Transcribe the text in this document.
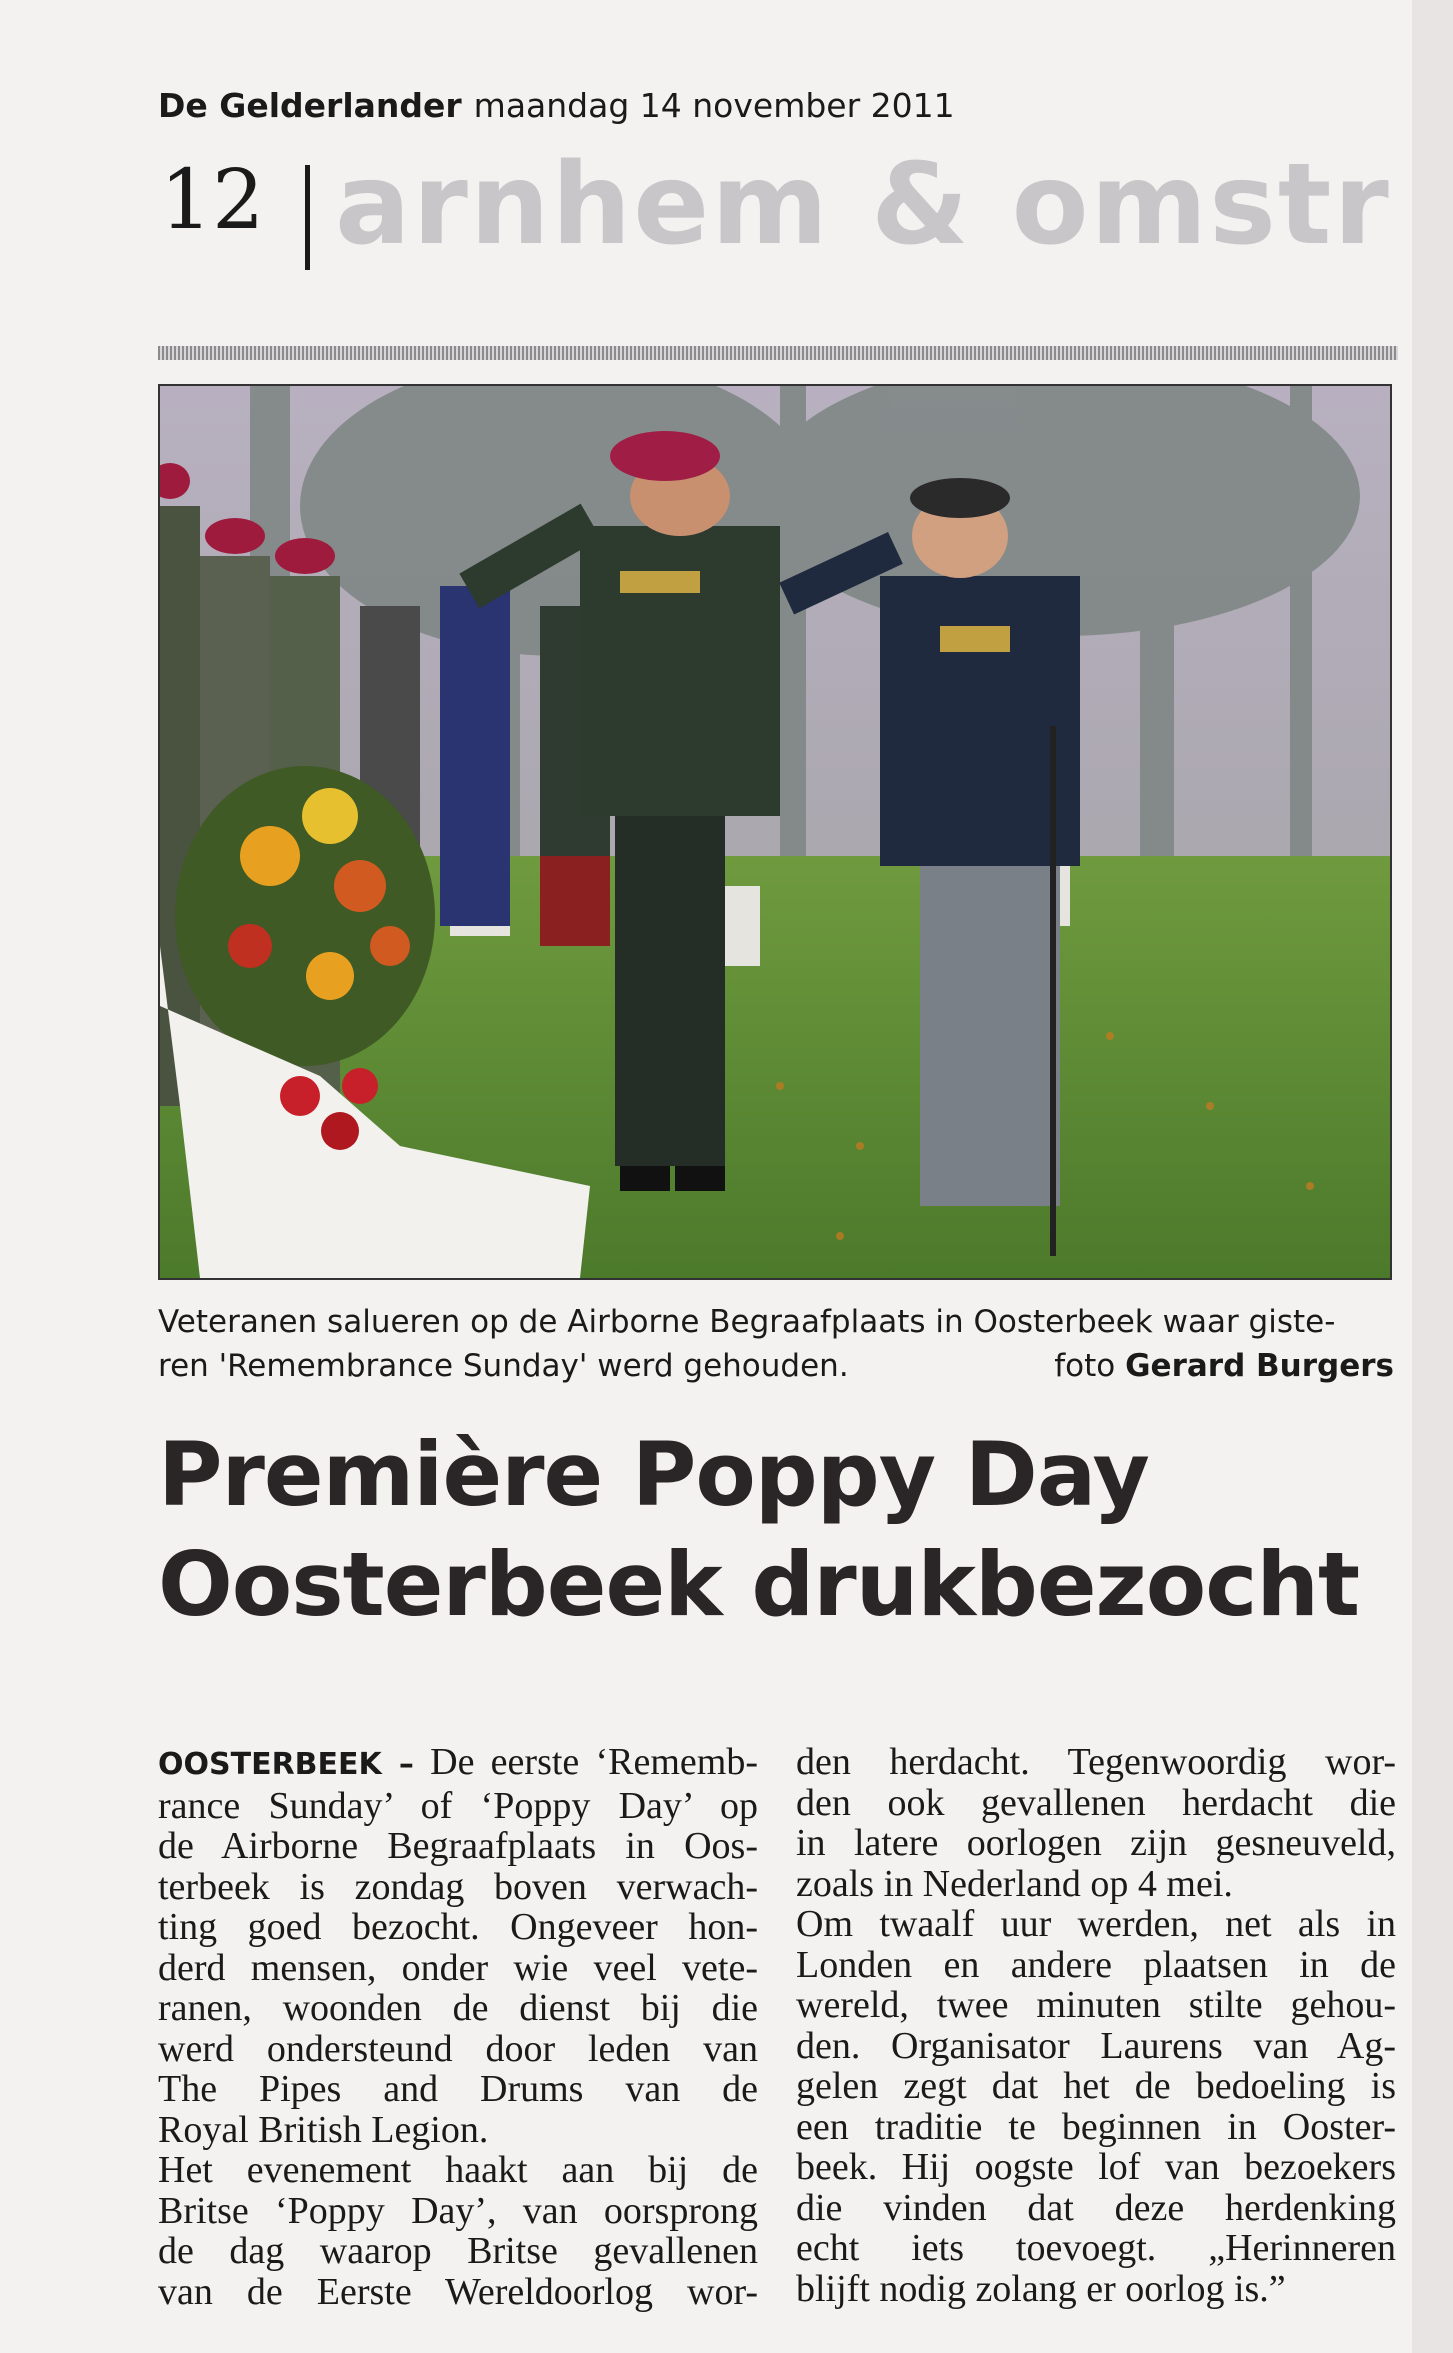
De Gelderlander maandag 14 november 2011
12 arnhem & omstr
Veteranen salueren op de Airborne Begraafplaats in Oosterbeek waar giste- ren 'Remembrance Sunday' werd gehouden.	foto Gerard Burgers
Première Poppy Day
Oosterbeek drukbezocht
OOSTERBEEK – De eerste ‘Rememb-
rance Sunday’ of ‘Poppy Day’ op
de Airborne Begraafplaats in Oos-
terbeek is zondag boven verwach-
ting goed bezocht. Ongeveer hon-
derd mensen, onder wie veel vete-
ranen, woonden de dienst bij die
werd ondersteund door leden van
The Pipes and Drums van de
Royal British Legion.
Het evenement haakt aan bij de
Britse ‘Poppy Day’, van oorsprong
de dag waarop Britse gevallenen
van de Eerste Wereldoorlog wor-
den herdacht. Tegenwoordig wor-
den ook gevallenen herdacht die
in latere oorlogen zijn gesneuveld,
zoals in Nederland op 4 mei.
Om twaalf uur werden, net als in
Londen en andere plaatsen in de
wereld, twee minuten stilte gehou-
den. Organisator Laurens van Ag-
gelen zegt dat het de bedoeling is
een traditie te beginnen in Ooster-
beek. Hij oogste lof van bezoekers
die vinden dat deze herdenking
echt iets toevoegt. „Herinneren
blijft nodig zolang er oorlog is.”
